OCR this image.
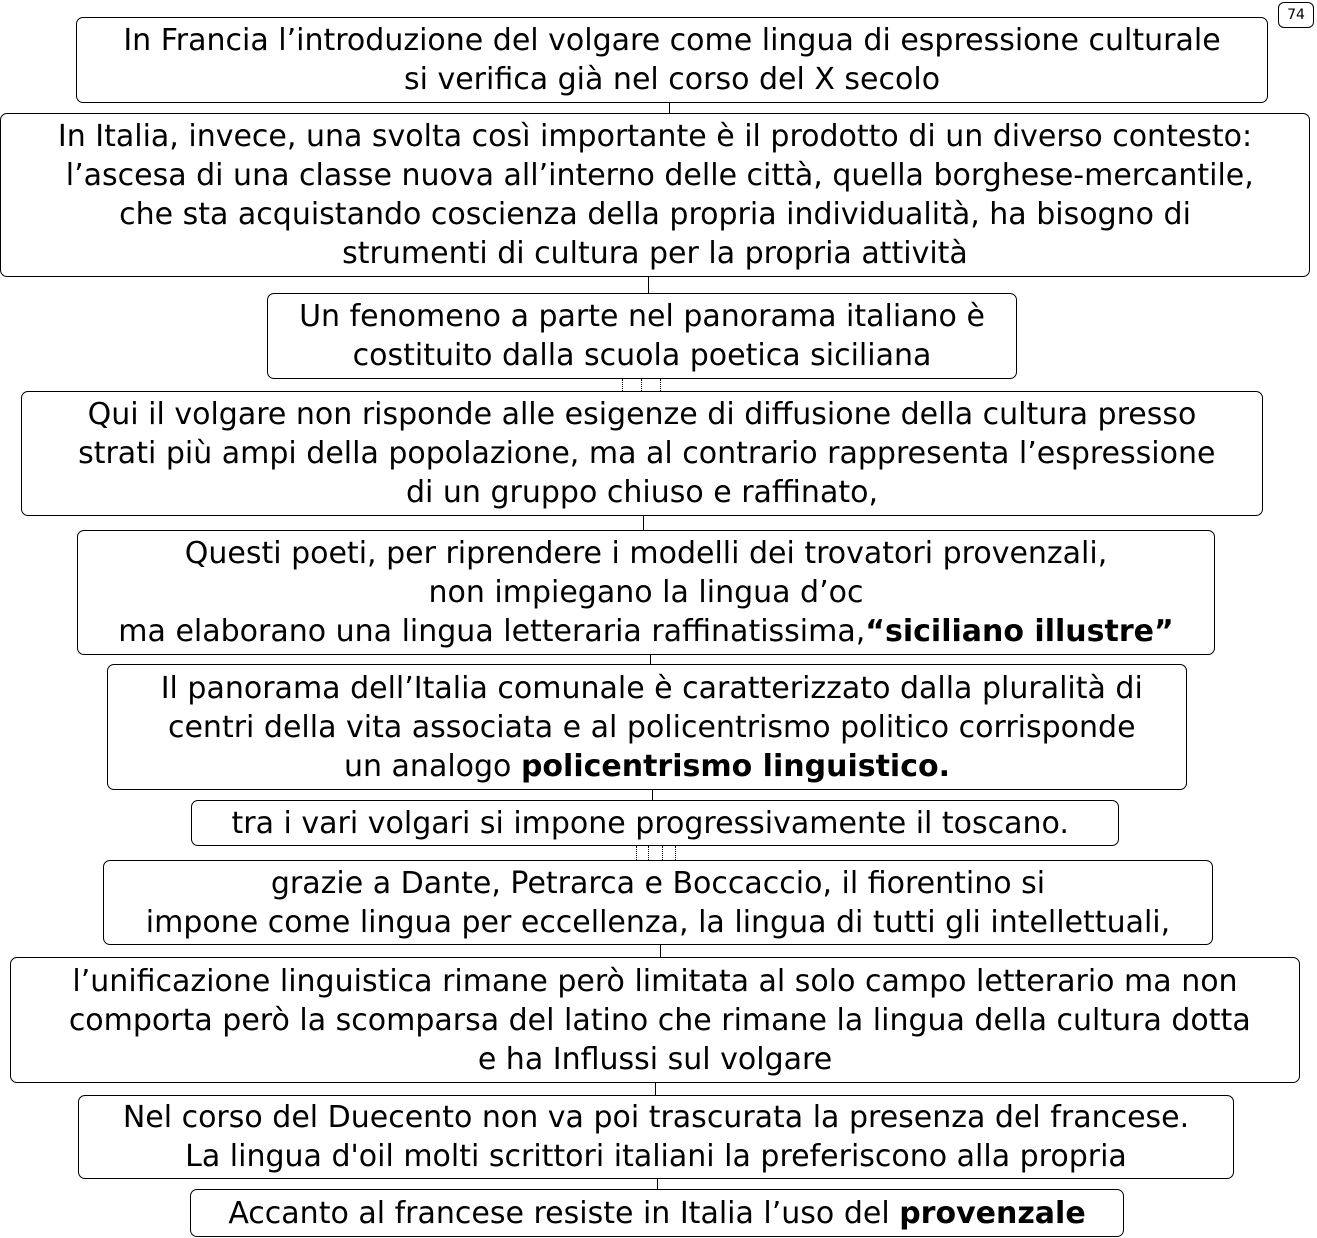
74
In Francia l’introduzione del volgare come lingua di espressione culturale
si verifica già nel corso del X secolo
In Italia, invece, una svolta così importante è il prodotto di un diverso contesto:
l’ascesa di una classe nuova all’interno delle città, quella borghese-mercantile,
che sta acquistando coscienza della propria individualità, ha bisogno di
strumenti di cultura per la propria attività
Un fenomeno a parte nel panorama italiano è
costituito dalla scuola poetica siciliana
Qui il volgare non risponde alle esigenze di diffusione della cultura presso
strati più ampi della popolazione, ma al contrario rappresenta l’espressione
di un gruppo chiuso e raffinato,
Questi poeti, per riprendere i modelli dei trovatori provenzali,
non impiegano la lingua d’oc
ma elaborano una lingua letteraria raffinatissima,“siciliano illustre”
Il panorama dell’Italia comunale è caratterizzato dalla pluralità di
centri della vita associata e al policentrismo politico corrisponde
un analogo policentrismo linguistico.
tra i vari volgari si impone progressivamente il toscano.
grazie a Dante, Petrarca e Boccaccio, il fiorentino si
impone come lingua per eccellenza, la lingua di tutti gli intellettuali,
l’unificazione linguistica rimane però limitata al solo campo letterario ma non
comporta però la scomparsa del latino che rimane la lingua della cultura dotta
e ha Influssi sul volgare
Nel corso del Duecento non va poi trascurata la presenza del francese.
La lingua d'oil molti scrittori italiani la preferiscono alla propria
Accanto al francese resiste in Italia l’uso del provenzale
